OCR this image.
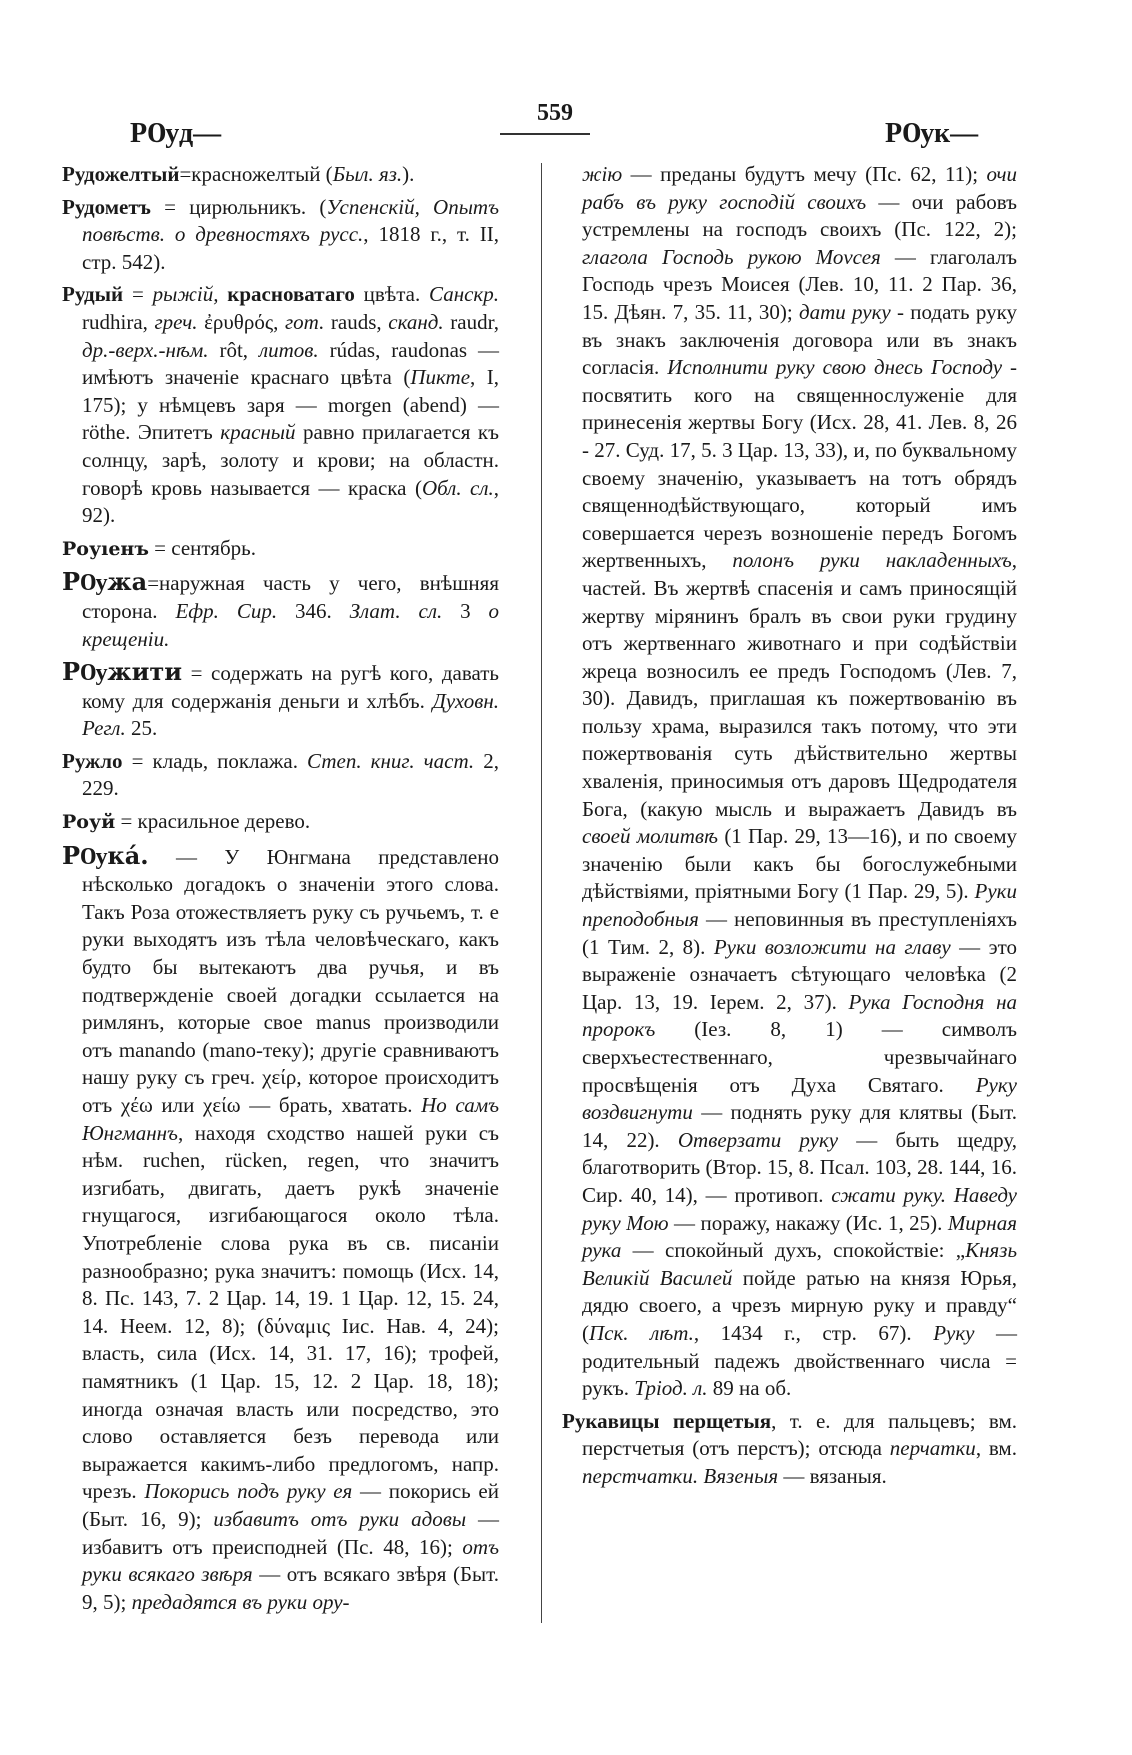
559
РѸд—	РѸк—

Рудожелтый=красножелтый (Был. яз.).

Рудометъ = цирюльникъ. (Успенскiй, Опытъ повѣств. о древностяхъ русс., 1818 г., т. II, стр. 542).

Рудый = рыжiй, красноватаго цвѣта. Санскр. rudhira, греч. ἐρυθρός, гот. rauds, сканд. raudr, др.-верх.-нѣм. rôt, литов. rúdas, raudonas — имѣютъ значенiе краснаго цвѣта (Пикте, I, 175); у нѣмцевъ заря — morgen (abend) — röthe. Эпитетъ красный равно прилагается къ солнцу, зарѣ, золоту и крови; на областн. говорѣ кровь называется — краска (Обл. сл., 92).

Роуıенъ = сентябрь.

РѸжа=наружная часть у чего, внѣшняя сторона. Ефр. Сир. 346. Злат. сл. 3 о крещенiи.

РѸжити = содержать на ругѣ кого, давать кому для содержанiя деньги и хлѣбъ. Духовн. Регл. 25.

Ружло = кладь, поклажа. Степ. книг. част. 2, 229.

Роуй = красильное дерево.

РѸка́. — У Юнгмана представлено нѣсколько догадокъ о значенiи этого слова. Такъ Роза отожествляетъ руку съ ручьемъ, т. е руки выходятъ изъ тѣла человѣческаго, какъ будто бы вытекаютъ два ручья, и въ подтвержденiе своей догадки ссылается на римлянъ, которые свое manus производили отъ manando (mano-теку); другiе сравниваютъ нашу руку съ греч. χείρ, которое происходитъ отъ χέω или χείω — брать, хватать. Но самъ Юнгманнъ, находя сходство нашей руки съ нѣм. ruchen, rücken, regen, что значитъ изгибать, двигать, даетъ рукѣ значенiе гнущагося, изгибающагося около тѣла. Употребленiе слова рука въ св. писанiи разнообразно; рука значитъ: помощь (Исх. 14, 8. Пс. 143, 7. 2 Цар. 14, 19. 1 Цар. 12, 15. 24, 14. Неем. 12, 8); (δύναμις Iис. Нав. 4, 24); власть, сила (Исх. 14, 31. 17, 16); трофей, памятникъ (1 Цар. 15, 12. 2 Цар. 18, 18); иногда означая власть или посредство, это слово оставляется безъ перевода или выражается какимъ-либо предлогомъ, напр. чрезъ. Покорись подъ руку ея — покорись ей (Быт. 16, 9); избавитъ отъ руки адовы — избавитъ отъ преисподней (Пс. 48, 16); отъ руки всякаго звѣря — отъ всякаго звѣря (Быт. 9, 5); предадятся въ руки ору-

жiю — преданы будутъ мечу (Пс. 62, 11); очи рабъ въ руку господiй своихъ — очи рабовъ устремлены на господъ своихъ (Пс. 122, 2); глагола Господь рукою Моvсея — глаголалъ Господь чрезъ Моисея (Лев. 10, 11. 2 Пар. 36, 15. Дѣян. 7, 35. 11, 30); дати руку - подать руку въ знакъ заключенiя договора или въ знакъ согласiя. Исполнити руку свою днесь Господу - посвятить кого на священнослуженiе для принесенiя жертвы Богу (Исх. 28, 41. Лев. 8, 26 - 27. Суд. 17, 5. 3 Цар. 13, 33), и, по буквальному своему значенiю, указываетъ на тотъ обрядъ священнодѣйствующаго, который имъ совершается черезъ возношенiе передъ Богомъ жертвенныхъ, полонъ руки накладенныхъ, частей. Въ жертвѣ спасенiя и самъ приносящiй жертву мiрянинъ бралъ въ свои руки грудину отъ жертвеннаго животнаго и при содѣйствiи жреца возносилъ ее предъ Господомъ (Лев. 7, 30). Давидъ, приглашая къ пожертвованiю въ пользу храма, выразился такъ потому, что эти пожертвованiя суть дѣйствительно жертвы хваленiя, приносимыя отъ даровъ Щедродателя Бога, (какую мысль и выражаетъ Давидъ въ своей молитвѣ (1 Пар. 29, 13—16), и по своему значенiю были какъ бы богослужебными дѣйствiями, прiятными Богу (1 Пар. 29, 5). Руки преподобныя — неповинныя въ преступленiяхъ (1 Тим. 2, 8). Руки возложити на главу — это выраженiе означаетъ сѣтующаго человѣка (2 Цар. 13, 19. Iерем. 2, 37). Рука Господня на пророкъ (Iез. 8, 1) — символъ сверхъестественнаго, чрезвычайнаго просвѣщенiя отъ Духа Святаго. Руку воздвигнути — поднять руку для клятвы (Быт. 14, 22). Отверзати руку — быть щедру, благотворить (Втор. 15, 8. Псал. 103, 28. 144, 16. Сир. 40, 14), — противоп. сжати руку. Наведу руку Мою — поражу, накажу (Ис. 1, 25). Мирная рука — спокойный духъ, спокойствiе: „Князь Великiй Василей пойде ратью на князя Юрья, дядю своего, а чрезъ мирную руку и правду“ (Пск. лѣт., 1434 г., стр. 67). Руку — родительный падежъ двойственнаго числа = рукъ. Трiод. л. 89 на об.

Рукавицы перщетыя, т. е. для пальцевъ; вм. перстчетыя (отъ перстъ); отсюда перчатки, вм. перстчатки. Вязеныя — вязаныя.
